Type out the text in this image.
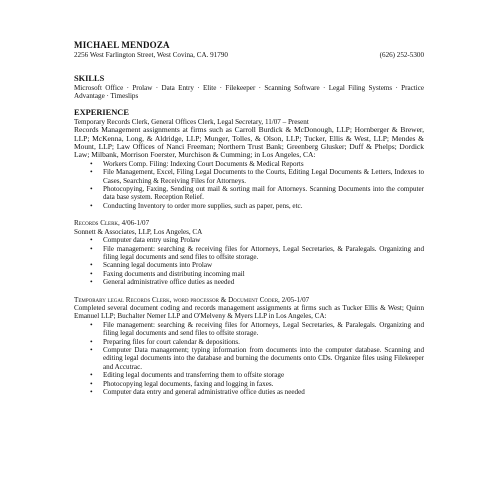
MICHAEL MENDOZA
2256 West Farlington Street, West Covina, CA. 91790	(626) 252-5300
SKILLS
Microsoft Office · Prolaw · Data Entry · Elite · Filekeeper · Scanning Software · Legal Filing Systems · Practice Advantage · Timeslips
EXPERIENCE
Temporary Records Clerk, General Offices Clerk, Legal Secretary, 11/07 – Present
Records Management assignments at firms such as Carroll Burdick & McDonough, LLP; Hornberger & Brewer, LLP; McKenna, Long, & Aldridge, LLP; Munger, Tolles, & Olson, LLP; Tucker, Ellis & West, LLP; Mendes & Mount, LLP; Law Offices of Nanci Freeman; Northern Trust Bank; Greenberg Glusker; Duff & Phelps; Dordick Law; Milbank, Morrison Foerster, Murchison & Cumming; in Los Angeles, CA:
• Workers Comp. Filing: Indexing Court Documents & Medical Reports
• File Management, Excel, Filing Legal Documents to the Courts, Editing Legal Documents & Letters, Indexes to Cases, Searching & Receiving Files for Attorneys.
• Photocopying, Faxing, Sending out mail & sorting mail for Attorneys. Scanning Documents into the computer data base system. Reception Relief.
• Conducting Inventory to order more supplies, such as paper, pens, etc.
Records Clerk, 4/06-1/07
Sonnett & Associates, LLP, Los Angeles, CA
• Computer data entry using Prolaw
• File management: searching & receiving files for Attorneys, Legal Secretaries, & Paralegals. Organizing and filing legal documents and send files to offsite storage.
• Scanning legal documents into Prolaw
• Faxing documents and distributing incoming mail
• General administrative office duties as needed
Temporary legal Records Clerk, word processor & Document Coder, 2/05-1/07
Completed several document coding and records management assignments at firms such as Tucker Ellis & West; Quinn Emanuel LLP; Buchalter Nemer LLP and O'Melveny & Myers LLP in Los Angeles, CA:
• File management: searching & receiving files for Attorneys, Legal Secretaries, & Paralegals. Organizing and filing legal documents and send files to offsite storage.
• Preparing files for court calendar & depositions.
• Computer Data management; typing information from documents into the computer database. Scanning and editing legal documents into the database and burning the documents onto CDs. Organize files using Filekeeper and Accutrac.
• Editing legal documents and transferring them to offsite storage
• Photocopying legal documents, faxing and logging in faxes.
• Computer data entry and general administrative office duties as needed
